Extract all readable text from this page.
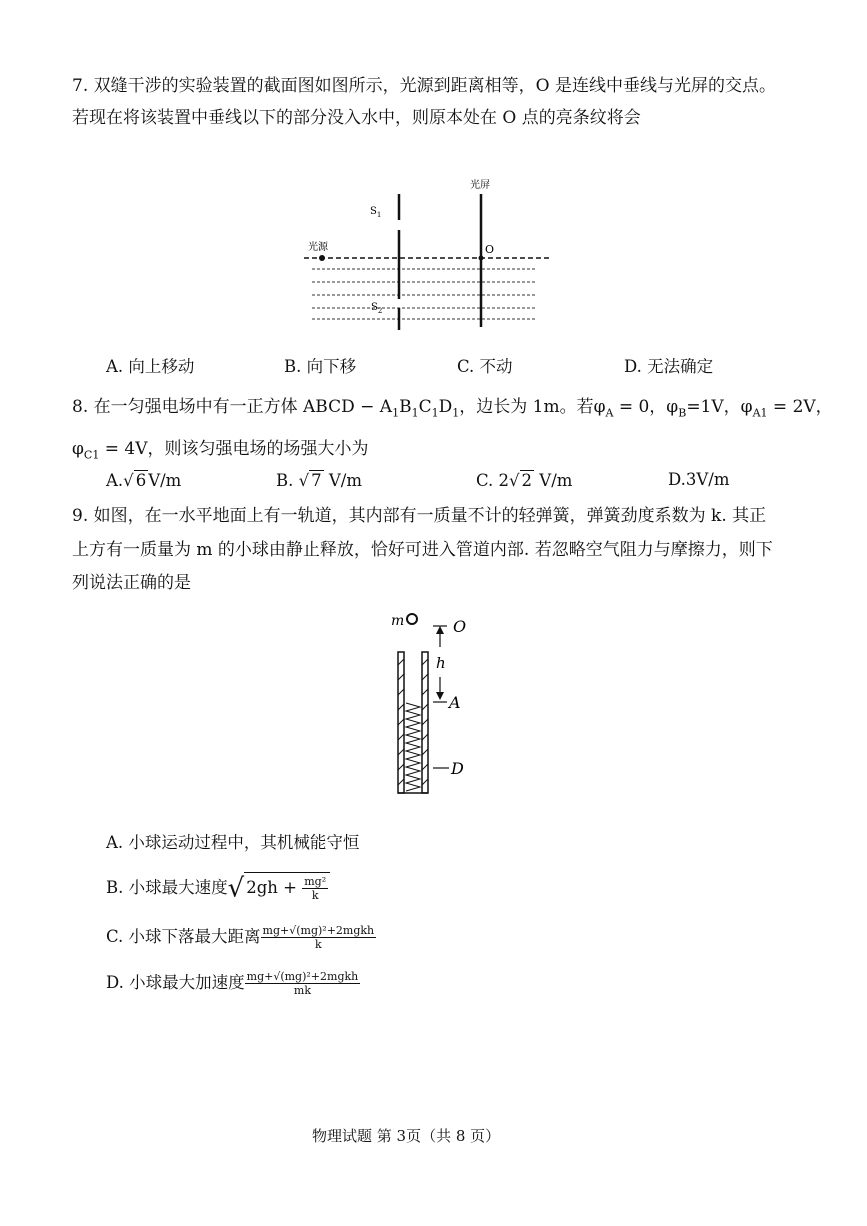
7. 双缝干涉的实验装置的截面图如图所示，光源到距离相等，O 是连线中垂线与光屏的交点。
若现在将该装置中垂线以下的部分没入水中，则原本处在 O 点的亮条纹将会
光屏
光源
$S_1$
$S_2$
O
A. 向上移动	B. 向下移	C. 不动	D. 无法确定
8. 在一匀强电场中有一正方体 ABCD − $A_1B_1C_1D_1$，边长为 1m。若$\varphi_A = 0$，$\varphi_B=1V$，$\varphi_{A1} = 2V$，
$\varphi_{C1} = 4V$，则该匀强电场的场强大小为
A.√ 6 V/m	B. √ 7 V/m	C. 2√ 2 V/m	D.3V/m
9. 如图，在一水平地面上有一轨道，其内部有一质量不计的轻弹簧，弹簧劲度系数为 k. 其正
上方有一质量为 m 的小球由静止释放，恰好可进入管道内部. 若忽略空气阻力与摩擦力，则下
列说法正确的是
m	O
h
A
D
A. 小球运动过程中，其机械能守恒
B. 小球最大速度√ $2gh + \frac{\text{mg²}}{k}$
C. 小球下落最大距离 $\frac{\text{mg+√(mg)²+2mgkh}}{k}$
D. 小球最大加速度 $\frac{\text{mg+√(mg)²+2mgkh}}{mk}$
物理试题 第 3页（共 8 页）
